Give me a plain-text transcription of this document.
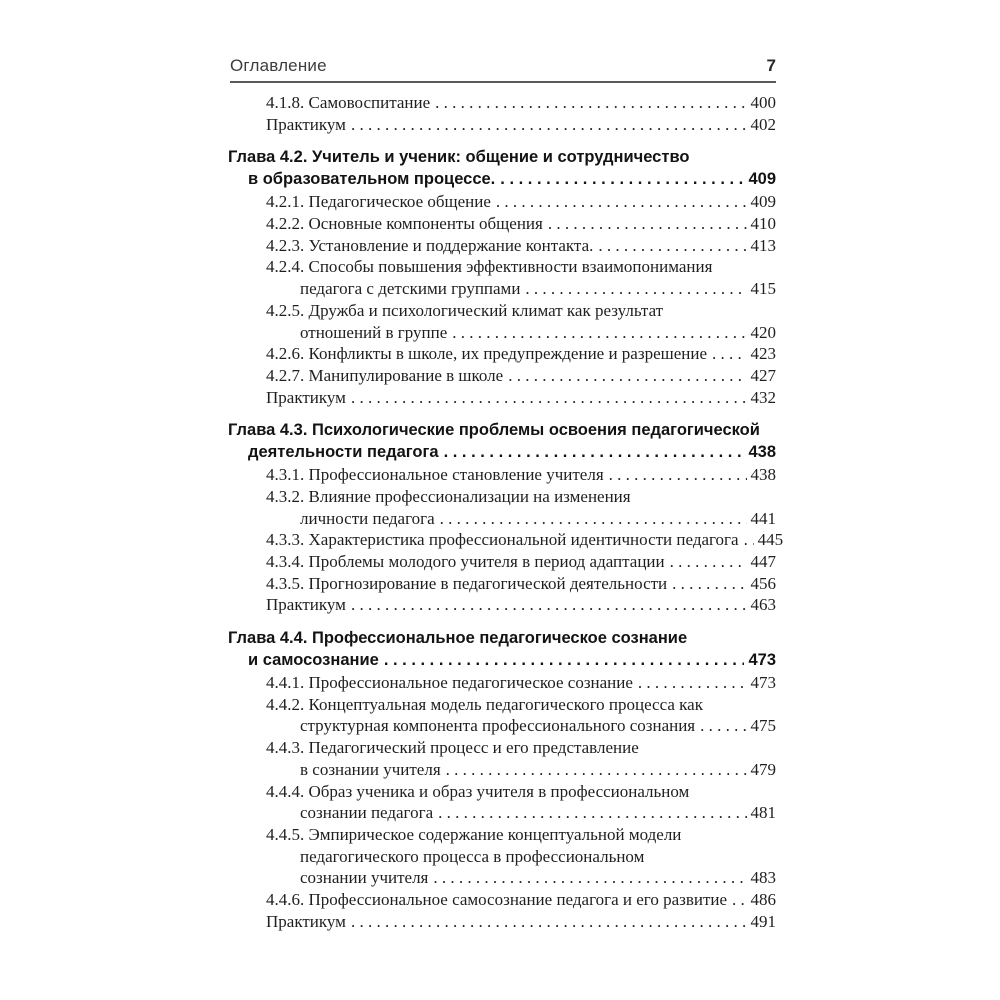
Оглавление	7
4.1.8. Самовоспитание . . .	400
Практикум . . .	402
Глава 4.2. Учитель и ученик: общение и сотрудничество
в образовательном процессе. . . .	409
4.2.1. Педагогическое общение . . .	409
4.2.2. Основные компоненты общения . . .	410
4.2.3. Установление и поддержание контакта. . . .	413
4.2.4. Способы повышения эффективности взаимопонимания
педагога с детскими группами . . .	415
4.2.5. Дружба и психологический климат как результат
отношений в группе . . .	420
4.2.6. Конфликты в школе, их предупреждение и разрешение . . .	423
4.2.7. Манипулирование в школе . . .	427
Практикум . . .	432
Глава 4.3. Психологические проблемы освоения педагогической
деятельности педагога . . .	438
4.3.1. Профессиональное становление учителя . . .	438
4.3.2. Влияние профессионализации на изменения
личности педагога . . .	441
4.3.3. Характеристика профессиональной идентичности педагога . . . 445
4.3.4. Проблемы молодого учителя в период адаптации . . .	447
4.3.5. Прогнозирование в педагогической деятельности . . .	456
Практикум . . .	463
Глава 4.4. Профессиональное педагогическое сознание
и самосознание . . .	473
4.4.1. Профессиональное педагогическое сознание . . .	473
4.4.2. Концептуальная модель педагогического процесса как
структурная компонента профессионального сознания . . .	475
4.4.3. Педагогический процесс и его представление
в сознании учителя . . .	479
4.4.4. Образ ученика и образ учителя в профессиональном
сознании педагога . . .	481
4.4.5. Эмпирическое содержание концептуальной модели
педагогического процесса в профессиональном
сознании учителя . . .	483
4.4.6. Профессиональное самосознание педагога и его развитие . . . 486
Практикум . . .	491
